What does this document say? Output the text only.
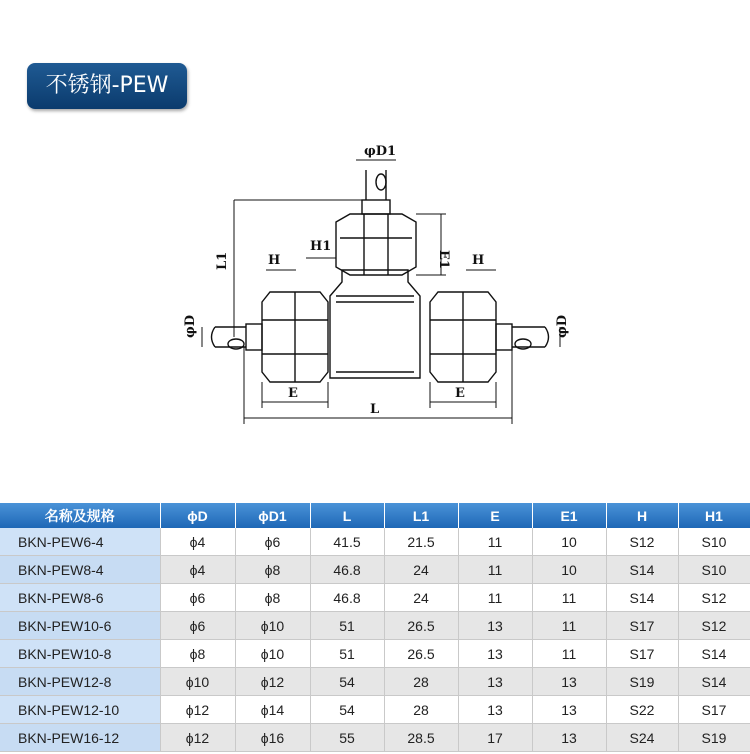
不锈钢-PEW
φD1
H1
E1
L1	H	H
φD	φD
E	E
L
名称及规格	ϕD	ϕD1	L	L1	E	E1	H	H1
BKN-PEW6-4	ϕ4	ϕ6	41.5	21.5	11	10	S12	S10
BKN-PEW8-4	ϕ4	ϕ8	46.8	24	11	10	S14	S10
BKN-PEW8-6	ϕ6	ϕ8	46.8	24	11	11	S14	S12
BKN-PEW10-6	ϕ6	ϕ10	51	26.5	13	11	S17	S12
BKN-PEW10-8	ϕ8	ϕ10	51	26.5	13	11	S17	S14
BKN-PEW12-8	ϕ10	ϕ12	54	28	13	13	S19	S14
BKN-PEW12-10	ϕ12	ϕ14	54	28	13	13	S22	S17
BKN-PEW16-12	ϕ12	ϕ16	55	28.5	17	13	S24	S19
